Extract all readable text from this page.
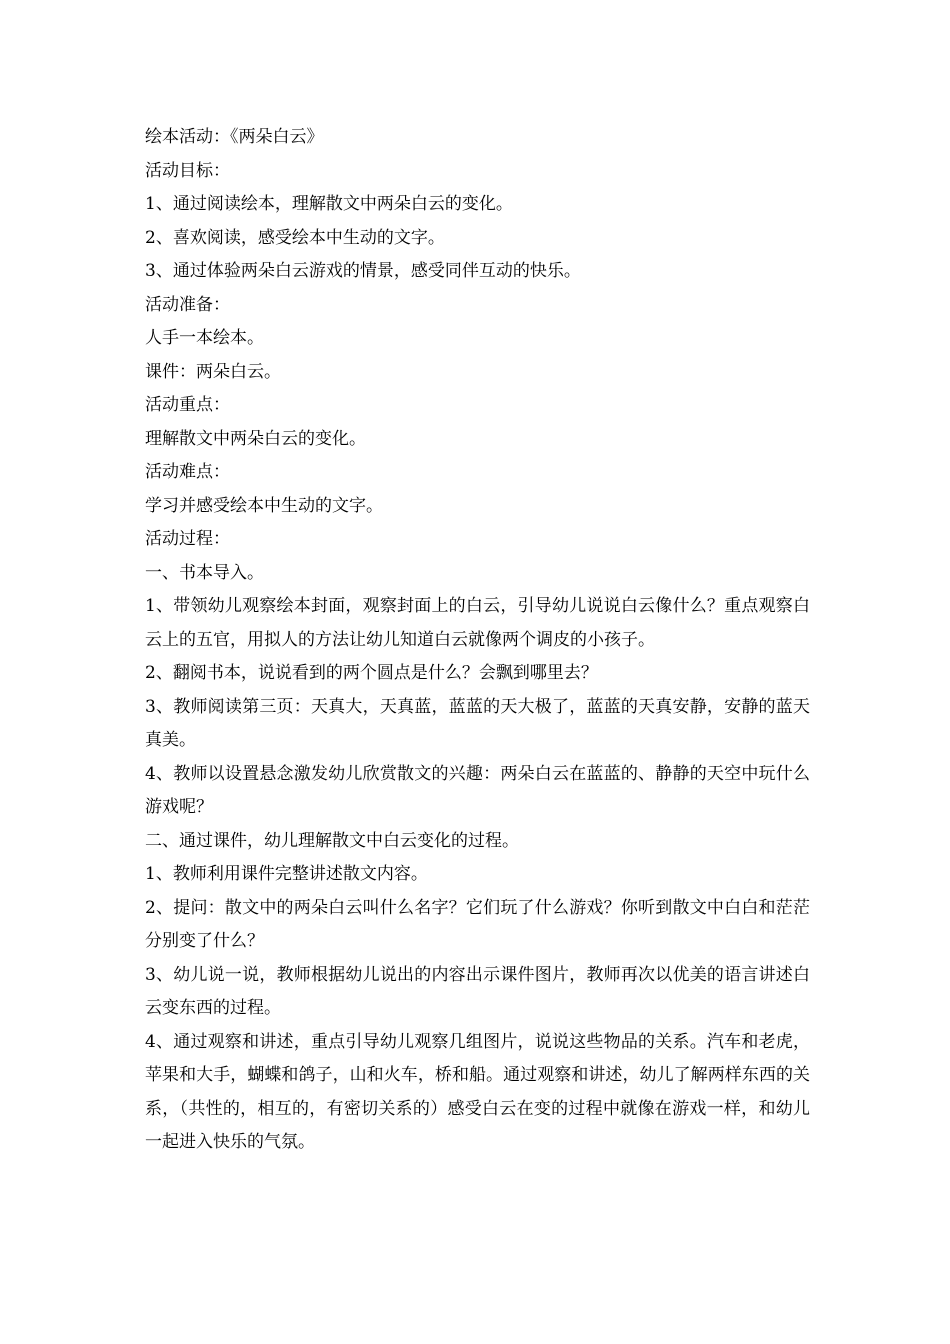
绘本活动：《两朵白云》

活动目标：

1、通过阅读绘本，理解散文中两朵白云的变化。

2、喜欢阅读，感受绘本中生动的文字。

3、通过体验两朵白云游戏的情景，感受同伴互动的快乐。

活动准备：

人手一本绘本。

课件：两朵白云。

活动重点：

理解散文中两朵白云的变化。

活动难点：

学习并感受绘本中生动的文字。

活动过程：

一、书本导入。

1、带领幼儿观察绘本封面，观察封面上的白云，引导幼儿说说白云像什么？重点观察白云上的五官，用拟人的方法让幼儿知道白云就像两个调皮的小孩子。

2、翻阅书本，说说看到的两个圆点是什么？会飘到哪里去？

3、教师阅读第三页：天真大，天真蓝，蓝蓝的天大极了，蓝蓝的天真安静，安静的蓝天真美。

4、教师以设置悬念激发幼儿欣赏散文的兴趣：两朵白云在蓝蓝的、静静的天空中玩什么游戏呢？

二、通过课件，幼儿理解散文中白云变化的过程。

1、教师利用课件完整讲述散文内容。

2、提问：散文中的两朵白云叫什么名字？它们玩了什么游戏？你听到散文中白白和茫茫分别变了什么？

3、幼儿说一说，教师根据幼儿说出的内容出示课件图片，教师再次以优美的语言讲述白云变东西的过程。

4、通过观察和讲述，重点引导幼儿观察几组图片，说说这些物品的关系。汽车和老虎，苹果和大手，蝴蝶和鸽子，山和火车，桥和船。通过观察和讲述，幼儿了解两样东西的关系，（共性的，相互的，有密切关系的）感受白云在变的过程中就像在游戏一样，和幼儿一起进入快乐的气氛。
